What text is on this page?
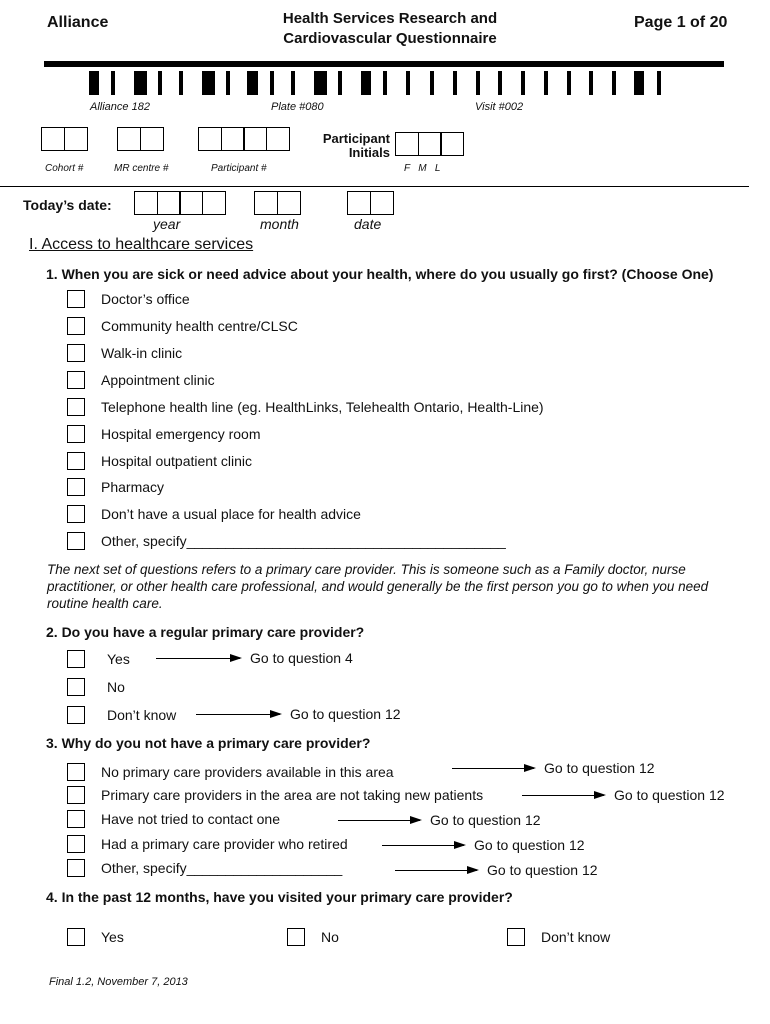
Alliance	Health Services Research and
Cardiovascular Questionnaire
Page 1 of 20
Alliance 182	Plate #080	Visit #002
Participant
Initials
Cohort #	MR centre #	Participant #	F   M   L
Today’s date:
year	month	date
I. Access to healthcare services
1. When you are sick or need advice about your health, where do you usually go first? (Choose One)
Doctor’s office
Community health centre/CLSC
Walk-in clinic
Appointment clinic
Telephone health line (eg. HealthLinks, Telehealth Ontario, Health-Line)
Hospital emergency room
Hospital outpatient clinic
Pharmacy
Don’t have a usual place for health advice
Other, specify_________________________________________
The next set of questions refers to a primary care provider. This is someone such as a Family doctor, nurse practitioner, or other health care professional, and would generally be the first person you go to when you need routine health care.
2. Do you have a regular primary care provider?
Yes	Go to question 4
No
Don’t know	Go to question 12
3. Why do you not have a primary care provider?
No primary care providers available in this area	Go to question 12
Primary care providers in the area are not taking new patients	Go to question 12
Have not tried to contact one	Go to question 12
Had a primary care provider who retired	Go to question 12
Other, specify____________________	Go to question 12
4. In the past 12 months, have you visited your primary care provider?
Yes	No	Don’t know
Final 1.2, November 7, 2013
